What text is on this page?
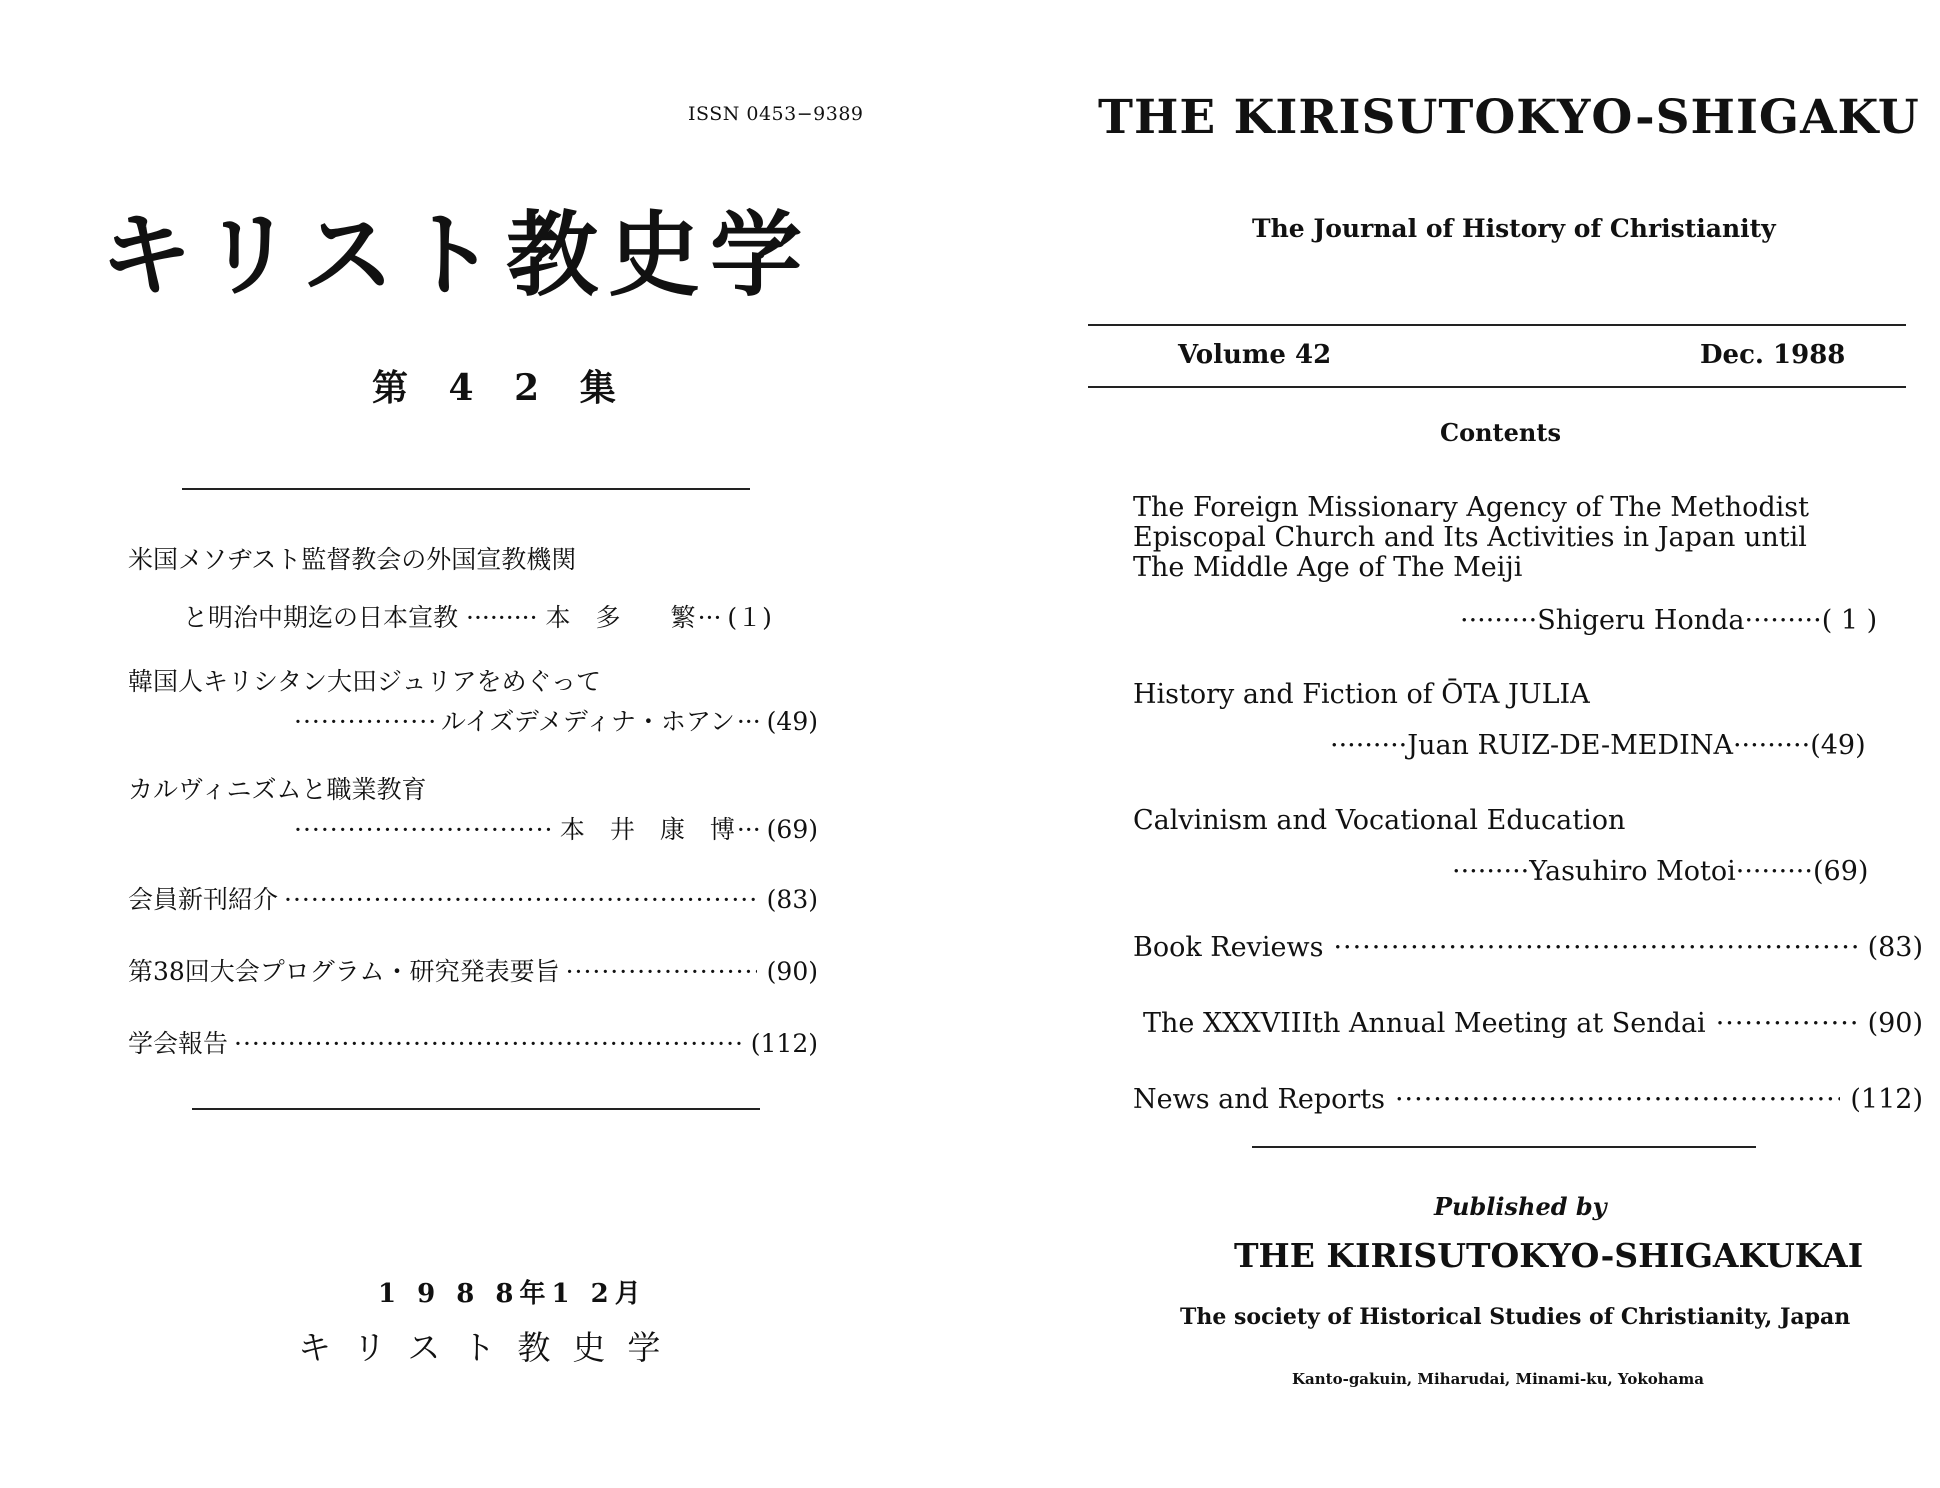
ISSN 0453−9389
キリスト教史学
第 4 2 集
米国メソヂスト監督教会の外国宣教機関
と明治中期迄の日本宣教 ········· 本　多　　繁 ··· (１)
韓国人キリシタン大田ジュリアをめぐって
·····
ルイズデメディナ・ホアン ··· (49)
カルヴィニズムと職業教育
·····
本　井　康　博 ··· (69)
会員新刊紹介 ·····	(83)
第38回大会プログラム・研究発表要旨 ·····	(90)
学会報告 ·····	(112)
1 9 8 8年1 2月
キリスト教史学
THE KIRISUTOKYO-SHIGAKU
The Journal of History of Christianity
Volume 42	Dec. 1988
Contents
The Foreign Missionary Agency of The Methodist
Episcopal Church and Its Activities in Japan until
The Middle Age of The Meiji
·········Shigeru Honda·········( 1 )
History and Fiction of ŌTA JULIA
·········Juan RUIZ-DE-MEDINA·········(49)
Calvinism and Vocational Education
·········Yasuhiro Motoi·········(69)
Book Reviews ·····	(83)
The XXXVIIIth Annual Meeting at Sendai ·····	(90)
News and Reports ·····	(112)
Published by
THE KIRISUTOKYO-SHIGAKUKAI
The society of Historical Studies of Christianity, Japan
Kanto-gakuin, Miharudai, Minami-ku, Yokohama
